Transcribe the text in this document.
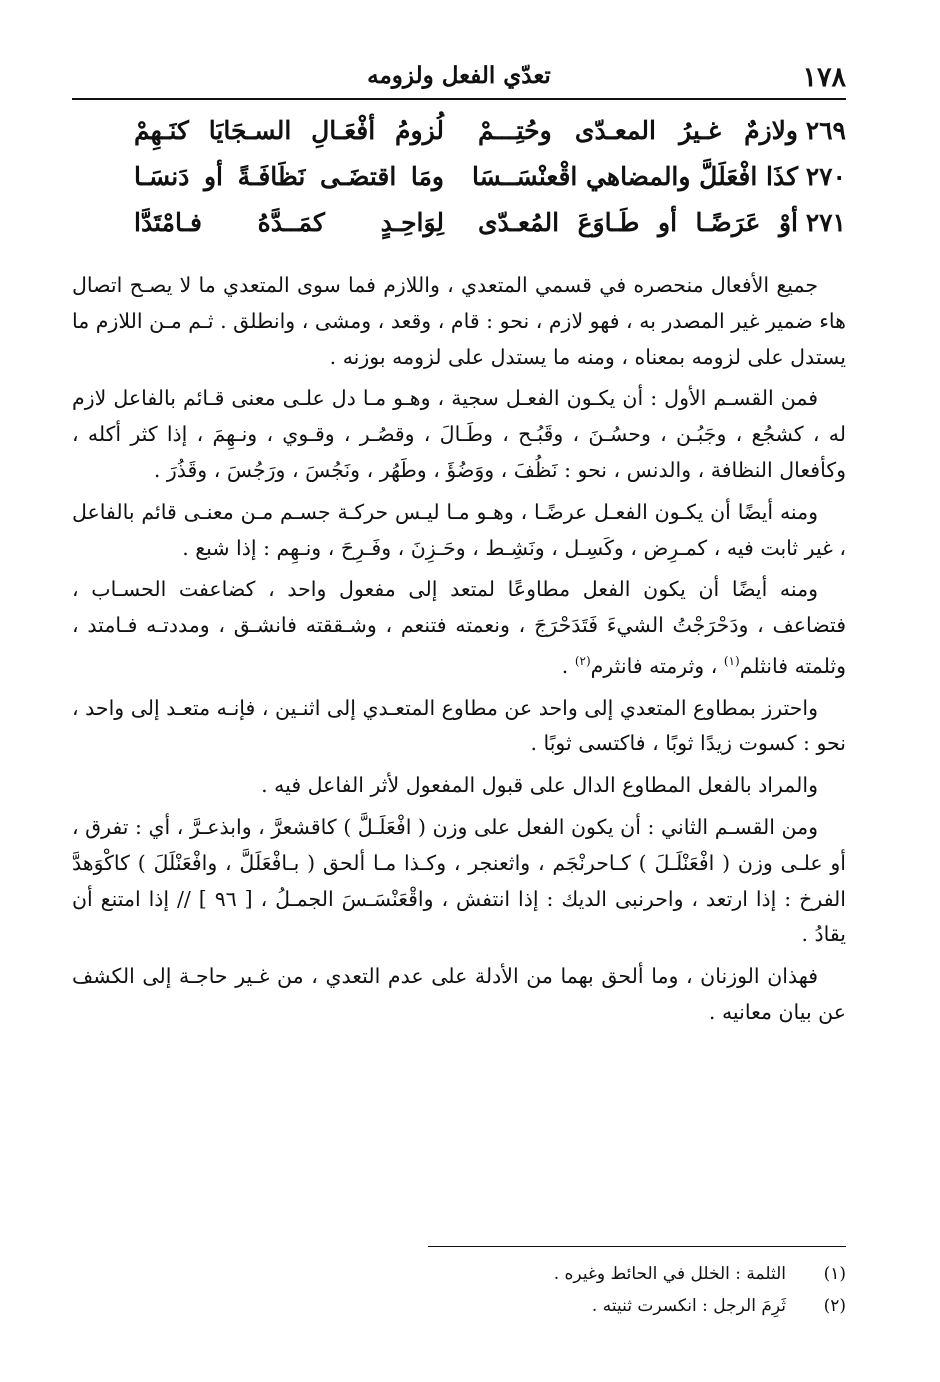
١٧٨
تعدّي الفعل ولزومه
٢٦٩
ولازمٌ غـيرُ المعـدّى وحُتِـــمْ
لُزومُ أفْعَـالِ السـجَايَا كنَـهِمْ
٢٧٠
كذَا افْعَلَلَّ والمضاهي اقْعنْسَــسَا
ومَا اقتضَـى نَظَافَـةً أو دَنسَـا
٢٧١
أوْ عَرَضًـا أو طَـاوَعَ المُعـدّى
لِوَاحِـدٍ كمَــدَّهُ فـامْتَدَّا

جميع الأفعال منحصره في قسمي المتعدي ، واللازم فما سوى المتعدي ما لا يصـح اتصال هاء ضمير غير المصدر به ، فهو لازم ، نحو : قام ، وقعد ، ومشى ، وانطلق . ثـم مـن اللازم ما يستدل على لزومه بمعناه ، ومنه ما يستدل على لزومه بوزنه .

فمن القسـم الأول : أن يكـون الفعـل سجية ، وهـو مـا دل علـى معنى قـائم بالفاعل لازم له ، كشجُع ، وجَبُـن ، وحسُـنَ ، وقَبُـح ، وطَـالَ ، وقصُـر ، وقـوي ، ونـهِمَ ، إذا كثر أكله ، وكأفعال النظافة ، والدنس ، نحو : نَظُفَ ، ووَضُؤَ ، وطَهُر ، ونَجُسَ ، ورَجُسَ ، وقَذُرَ .

ومنه أيضًا أن يكـون الفعـل عرضًـا ، وهـو مـا ليـس حركـة جسـم مـن معنـى قائم بالفاعل ، غير ثابت فيه ، كمـرِض ، وكَسِـل ، ونَشِـط ، وحَـزِنَ ، وفَـرِحَ ، ونـهِم : إذا شبع .

ومنه أيضًا أن يكون الفعل مطاوعًا لمتعد إلى مفعول واحد ، كضاعفت الحسـاب ، فتضاعف ، ودَحْرَجْتُ الشيءَ فَتَدَحْرَجَ ، ونعمته فتنعم ، وشـققته فانشـق ، ومددتـه فـامتد ، وثلمته فانثلم$^{(١)}$ ، وثرمته فانثرم$^{(٢)}$ .

واحترز بمطاوع المتعدي إلى واحد عن مطاوع المتعـدي إلى اثنـين ، فإنـه متعـد إلى واحد ، نحو : كسوت زيدًا ثوبًا ، فاكتسى ثوبًا .

والمراد بالفعل المطاوع الدال على قبول المفعول لأثر الفاعل فيه .

ومن القسـم الثاني : أن يكون الفعل على وزن ( افْعَلَـلَّ ) كاقشعرَّ ، وابذعـرَّ ، أي : تفرق ، أو علـى وزن ( افْعَنْلَـلَ ) كـاحرنْجَم ، واثعنجر ، وكـذا مـا ألحق ( بـافْعَلَلَّ ، وافْعَنْلَلَ ) كاكْوَهدَّ الفرخ : إذا ارتعد ، واحرنبى الديك : إذا انتفش ، واقْعَنْسَـسَ الجمـلُ ، [ ٩٦ ] // إذا امتنع أن يقادُ .

فهذان الوزنان ، وما ألحق بهما من الأدلة على عدم التعدي ، من غـير حاجـة إلى الكشف عن بيان معانيه .

(١)
الثلمة : الخلل في الحائط وغيره .
(٢)
ثَرِمَ الرجل : انكسرت ثنيته .
